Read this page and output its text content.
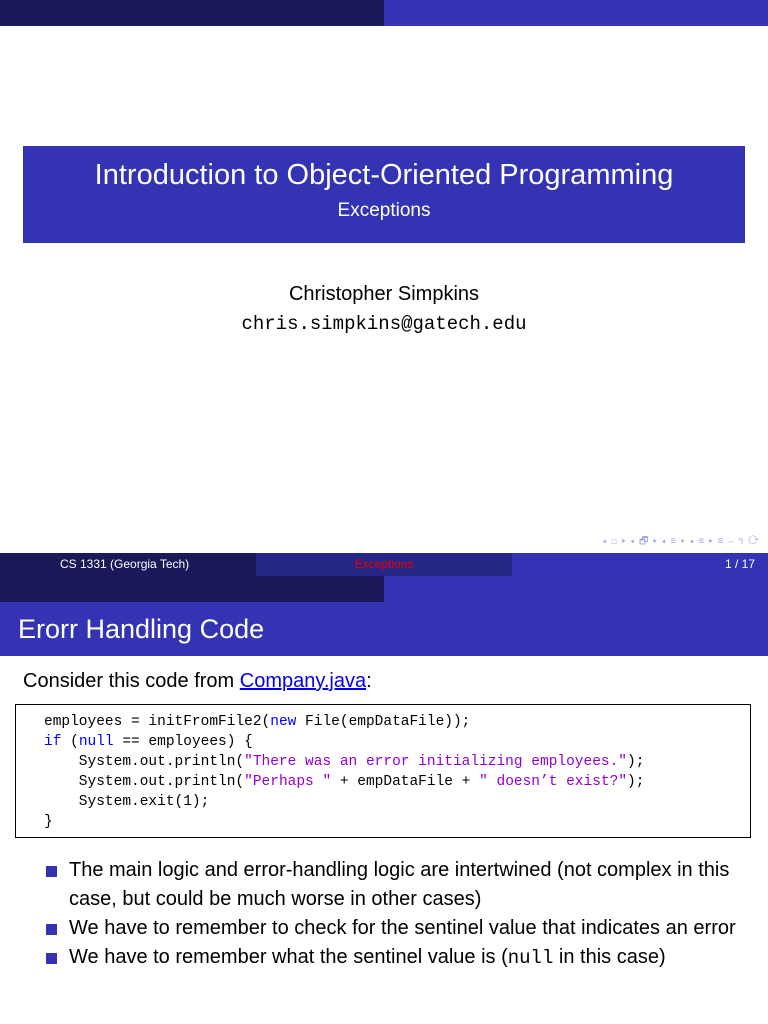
Introduction to Object-Oriented Programming
Exceptions
Christopher Simpkins
chris.simpkins@gatech.edu
◂ ◻ ▸ ◂ 🗗 ▸ ◂ ≡ ▸ ◂ ≡ ▸ ≡ ∽ ૧ ⟳
CS 1331 (Georgia Tech)	Exceptions	1 / 17
Erorr Handling Code
Consider this code from Company.java:
employees = initFromFile2(new File(empDataFile));
if (null == employees) {
System.out.println("There was an error initializing employees.");
System.out.println("Perhaps " + empDataFile + " doesn’t exist?");
System.exit(1);
}
The main logic and error-handling logic are intertwined (not complex in this case, but could be much worse in other cases)
We have to remember to check for the sentinel value that indicates an error
We have to remember what the sentinel value is (null in this case)
